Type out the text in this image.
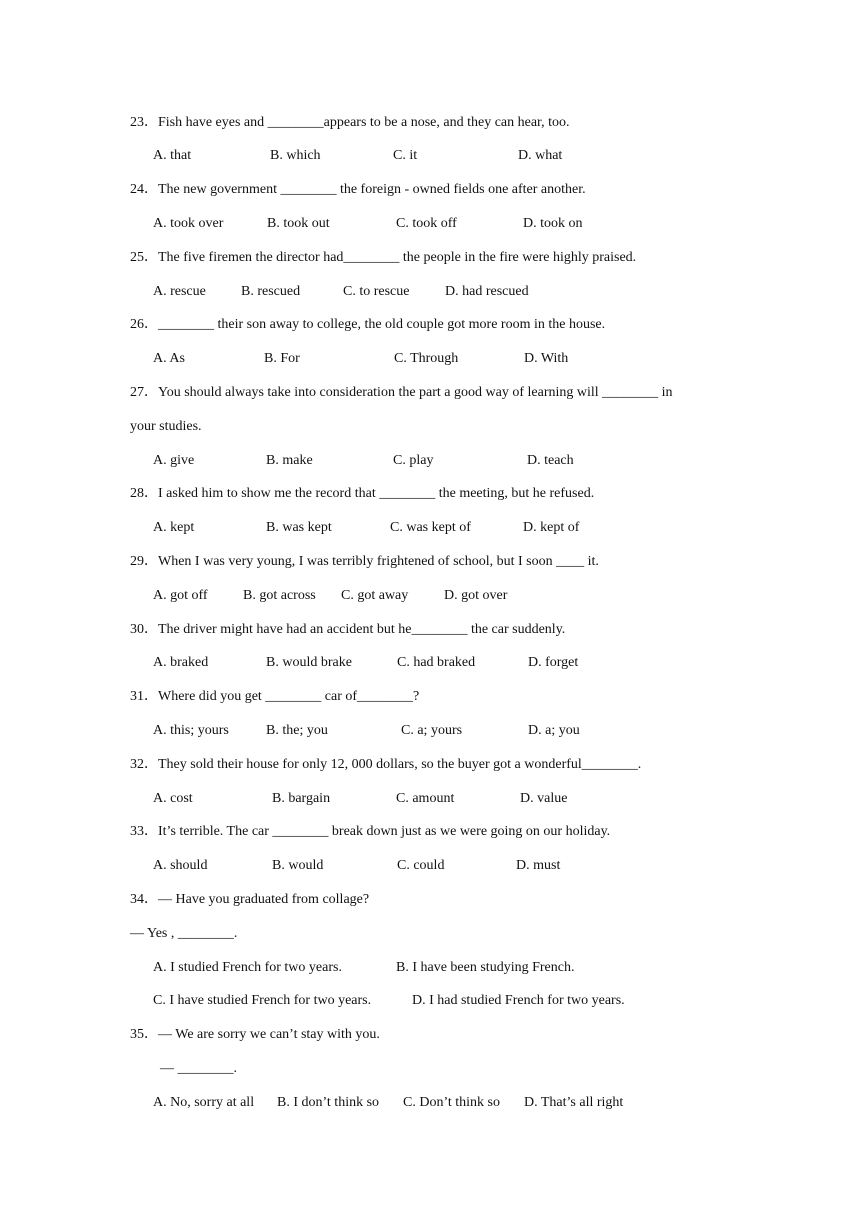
23．Fish have eyes and ________appears to be a nose, and they can hear, too.
A. that	B. which	C. it	D. what
24．The new government ________ the foreign - owned fields one after another.
A. took over	B. took out	C. took off	D. took on
25．The five firemen the director had________ the people in the fire were highly praised.
A. rescue	B. rescued	C. to rescue	D. had rescued
26．________ their son away to college, the old couple got more room in the house.
A. As	B. For	C. Through	D. With
27．You should always take into consideration the part a good way of learning will ________ in
your studies.
A. give	B. make	C. play	D. teach
28．I asked him to show me the record that ________ the meeting, but he refused.
A. kept	B. was kept	C. was kept of	D. kept of
29．When I was very young, I was terribly frightened of school, but I soon ____ it.
A. got off	B. got across C. got away	D. got over
30．The driver might have had an accident but he________ the car suddenly.
A. braked	B. would brake	C. had braked	D. forget
31．Where did you get ________ car of________?
A. this; yours	B. the; you	C. a; yours	D. a; you
32．They sold their house for only 12, 000 dollars, so the buyer got a wonderful________.
A. cost	B. bargain	C. amount	D. value
33．It’s terrible. The car ________ break down just as we were going on our holiday.
A. should	B. would	C. could	D. must
34．— Have you graduated from collage?
— Yes , ________.
A. I studied French for two years.	B. I have been studying French.
C. I have studied French for two years.	D. I had studied French for two years.
35．— We are sorry we can’t stay with you.
— ________.
A. No, sorry at all B. I don’t think so C. Don’t think so D. That’s all right
